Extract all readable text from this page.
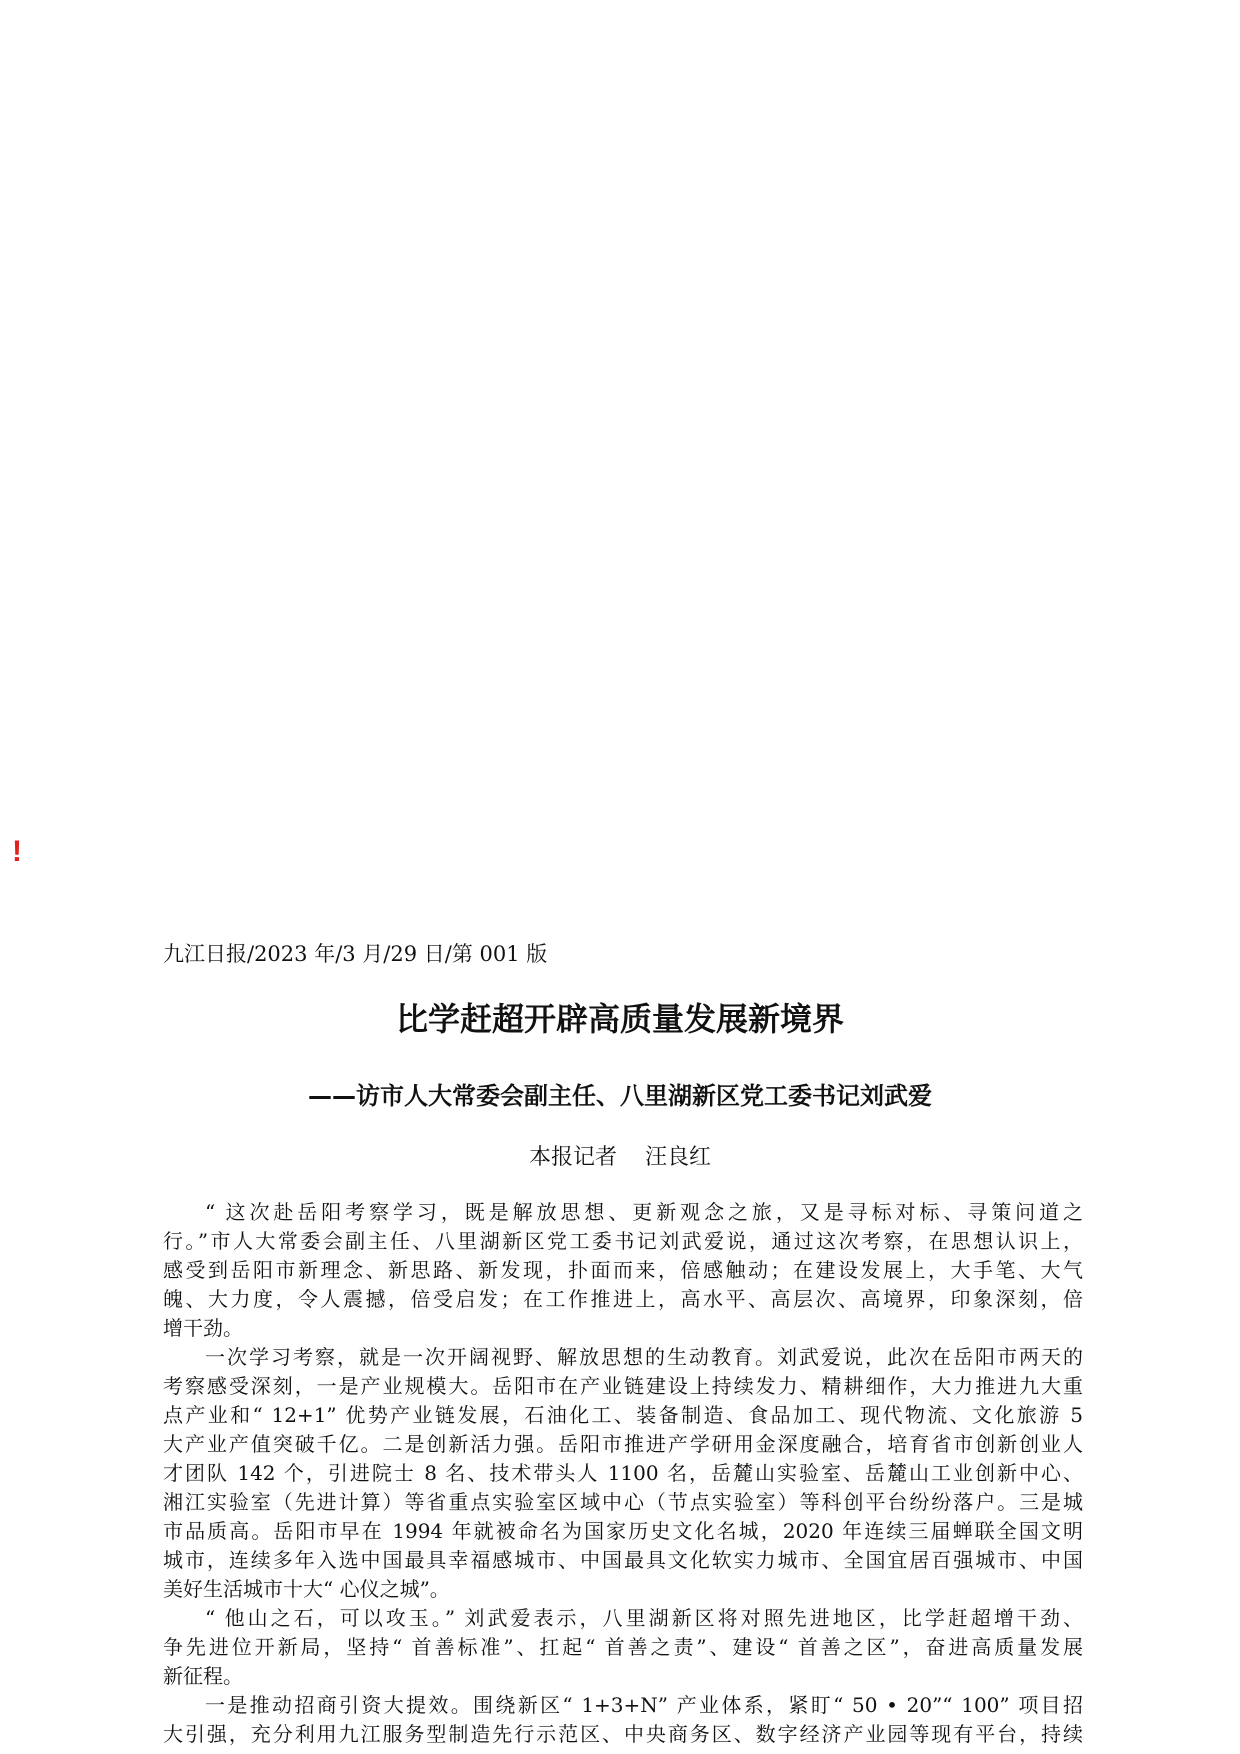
!
九江日报/2023 年/3 月/29 日/第 001 版
比学赶超开辟高质量发展新境界
——访市人大常委会副主任、八里湖新区党工委书记刘武爱
本报记者    汪良红
“ 这次赴岳阳考察学习，既是解放思想、更新观念之旅，又是寻标对标、寻策问道之
行。”市人大常委会副主任、八里湖新区党工委书记刘武爱说，通过这次考察，在思想认识上，
感受到岳阳市新理念、新思路、新发现，扑面而来，倍感触动；在建设发展上，大手笔、大气
魄、大力度，令人震撼，倍受启发；在工作推进上，高水平、高层次、高境界，印象深刻，倍
增干劲。
一次学习考察，就是一次开阔视野、解放思想的生动教育。刘武爱说，此次在岳阳市两天的
考察感受深刻，一是产业规模大。岳阳市在产业链建设上持续发力、精耕细作，大力推进九大重
点产业和“ 12+1” 优势产业链发展，石油化工、装备制造、食品加工、现代物流、文化旅游 5
大产业产值突破千亿。二是创新活力强。岳阳市推进产学研用金深度融合，培育省市创新创业人
才团队 142 个，引进院士 8 名、技术带头人 1100 名，岳麓山实验室、岳麓山工业创新中心、
湘江实验室（先进计算）等省重点实验室区域中心（节点实验室）等科创平台纷纷落户。三是城
市品质高。岳阳市早在 1994 年就被命名为国家历史文化名城，2020 年连续三届蝉联全国文明
城市，连续多年入选中国最具幸福感城市、中国最具文化软实力城市、全国宜居百强城市、中国
美好生活城市十大“ 心仪之城”。
“ 他山之石，可以攻玉。” 刘武爱表示，八里湖新区将对照先进地区，比学赶超增干劲、
争先进位开新局，坚持“ 首善标准”、扛起“ 首善之责”、建设“ 首善之区”，奋进高质量发展
新征程。
一是推动招商引资大提效。围绕新区“ 1+3+N” 产业体系，紧盯“ 50 • 20”“ 100” 项目招
大引强，充分利用九江服务型制造先行示范区、中央商务区、数字经济产业园等现有平台，持续
